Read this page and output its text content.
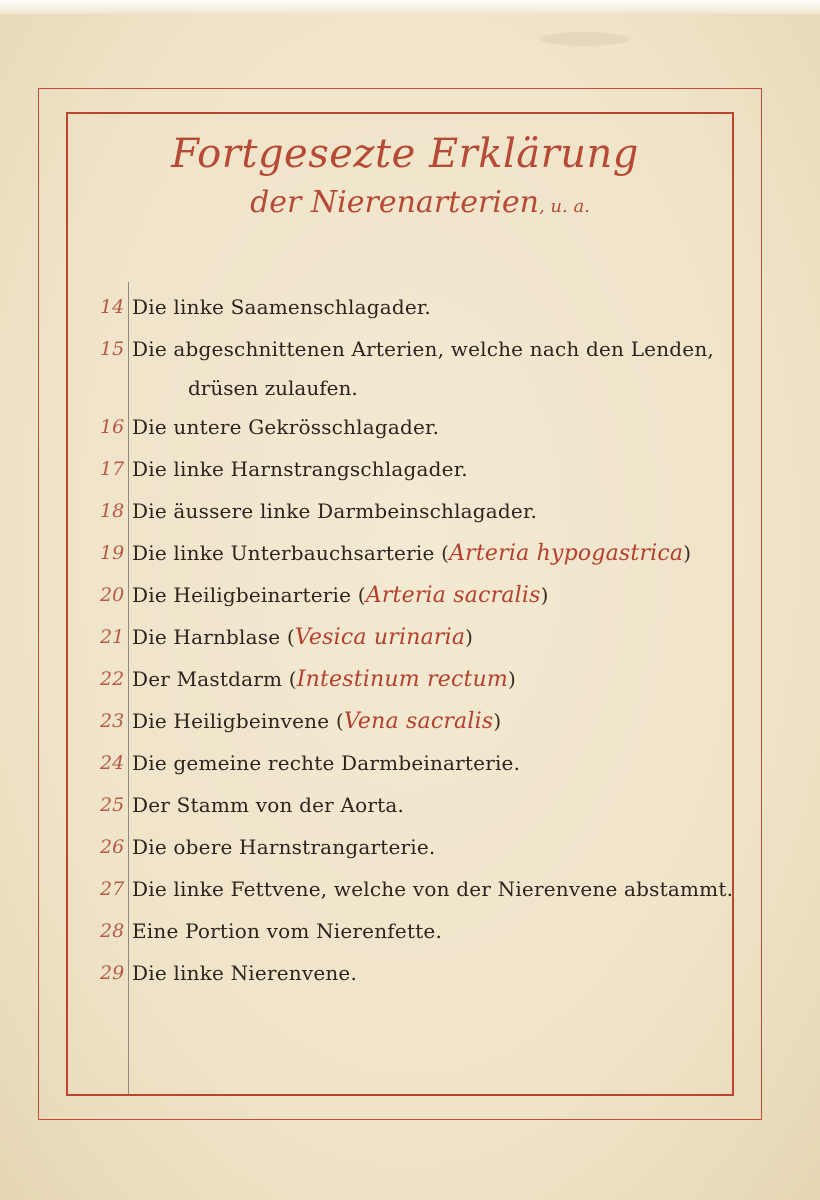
Fortgesezte Erklärung
der Nierenarterien, u. a.
14 Die linke Saamenschlagader.
15 Die abgeschnittenen Arterien, welche nach den Lenden,
drüsen zulaufen.
16 Die untere Gekrösschlagader.
17 Die linke Harnstrangschlagader.
18 Die äussere linke Darmbeinschlagader.
19 Die linke Unterbauchsarterie (Arteria hypogastrica)
20 Die Heiligbeinarterie (Arteria sacralis)
21 Die Harnblase (Vesica urinaria)
22 Der Mastdarm (Intestinum rectum)
23 Die Heiligbeinvene (Vena sacralis)
24 Die gemeine rechte Darmbeinarterie.
25 Der Stamm von der Aorta.
26 Die obere Harnstrangarterie.
27 Die linke Fettvene, welche von der Nierenvene abstammt.
28 Eine Portion vom Nierenfette.
29 Die linke Nierenvene.
